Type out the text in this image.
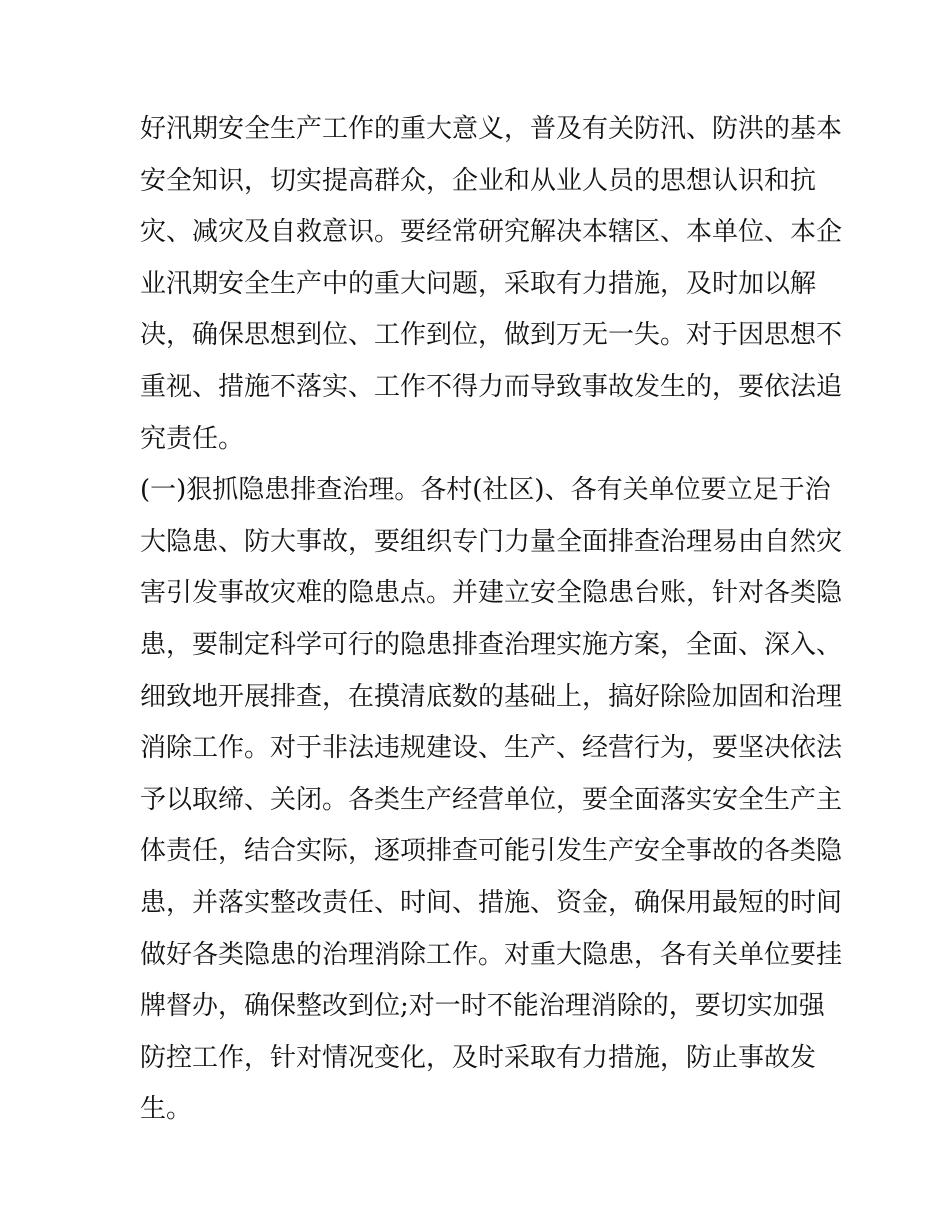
好汛期安全生产工作的重大意义，普及有关防汛、防洪的基本
安全知识，切实提高群众，企业和从业人员的思想认识和抗
灾、减灾及自救意识。要经常研究解决本辖区、本单位、本企
业汛期安全生产中的重大问题，采取有力措施，及时加以解
决，确保思想到位、工作到位，做到万无一失。对于因思想不
重视、措施不落实、工作不得力而导致事故发生的，要依法追
究责任。
(一)狠抓隐患排查治理。各村(社区)、各有关单位要立足于治
大隐患、防大事故，要组织专门力量全面排查治理易由自然灾
害引发事故灾难的隐患点。并建立安全隐患台账，针对各类隐
患，要制定科学可行的隐患排查治理实施方案，全面、深入、
细致地开展排查，在摸清底数的基础上，搞好除险加固和治理
消除工作。对于非法违规建设、生产、经营行为，要坚决依法
予以取缔、关闭。各类生产经营单位，要全面落实安全生产主
体责任，结合实际，逐项排查可能引发生产安全事故的各类隐
患，并落实整改责任、时间、措施、资金，确保用最短的时间
做好各类隐患的治理消除工作。对重大隐患，各有关单位要挂
牌督办，确保整改到位;对一时不能治理消除的，要切实加强
防控工作，针对情况变化，及时采取有力措施，防止事故发
生。
